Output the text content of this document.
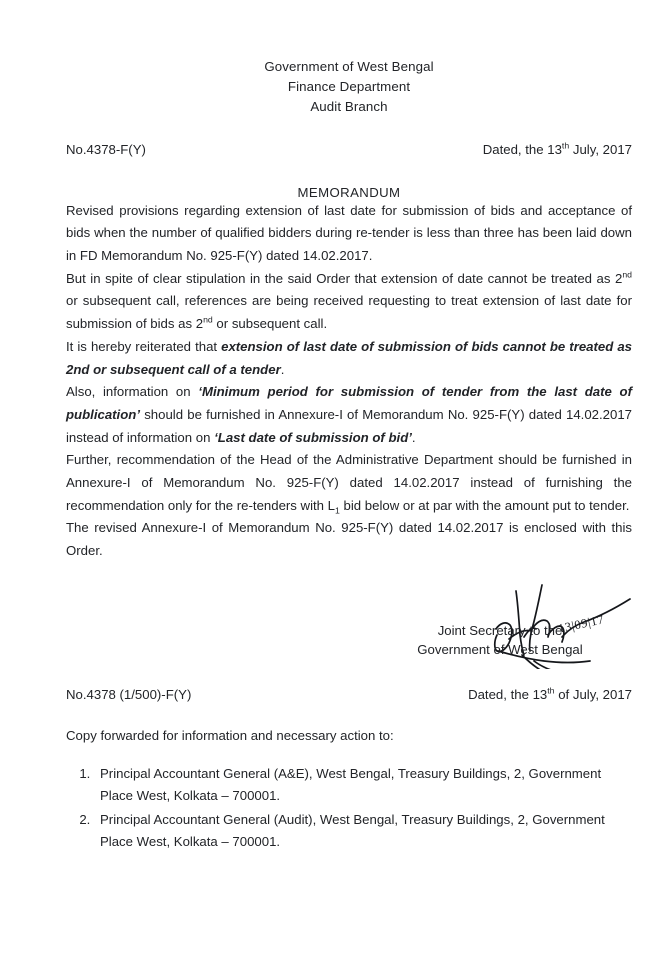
Government of West Bengal
Finance Department
Audit Branch
No.4378-F(Y)	Dated, the 13th July, 2017
MEMORANDUM

Revised provisions regarding extension of last date for submission of bids and acceptance of bids when the number of qualified bidders during re-tender is less than three has been laid down in FD Memorandum No. 925-F(Y) dated 14.02.2017.

But in spite of clear stipulation in the said Order that extension of date cannot be treated as 2nd or subsequent call, references are being received requesting to treat extension of last date for submission of bids as 2nd or subsequent call.

It is hereby reiterated that extension of last date of submission of bids cannot be treated as 2nd or subsequent call of a tender.

Also, information on ‘Minimum period for submission of tender from the last date of publication’ should be furnished in Annexure-I of Memorandum No. 925-F(Y) dated 14.02.2017 instead of information on ‘Last date of submission of bid’.

Further, recommendation of the Head of the Administrative Department should be furnished in Annexure-I of Memorandum No. 925-F(Y) dated 14.02.2017 instead of furnishing the recommendation only for the re-tenders with $L_1$ bid below or at par with the amount put to tender.

The revised Annexure-I of Memorandum No. 925-F(Y) dated 14.02.2017 is enclosed with this Order.

Joint Secretary to the
Government of West Bengal
13|09|17
No.4378 (1/500)-F(Y)	Dated, the 13th of July, 2017
Copy forwarded for information and necessary action to:
1. Principal Accountant General (A&E), West Bengal, Treasury Buildings, 2, Government Place West, Kolkata – 700001.
2. Principal Accountant General (Audit), West Bengal, Treasury Buildings, 2, Government Place West, Kolkata – 700001.
